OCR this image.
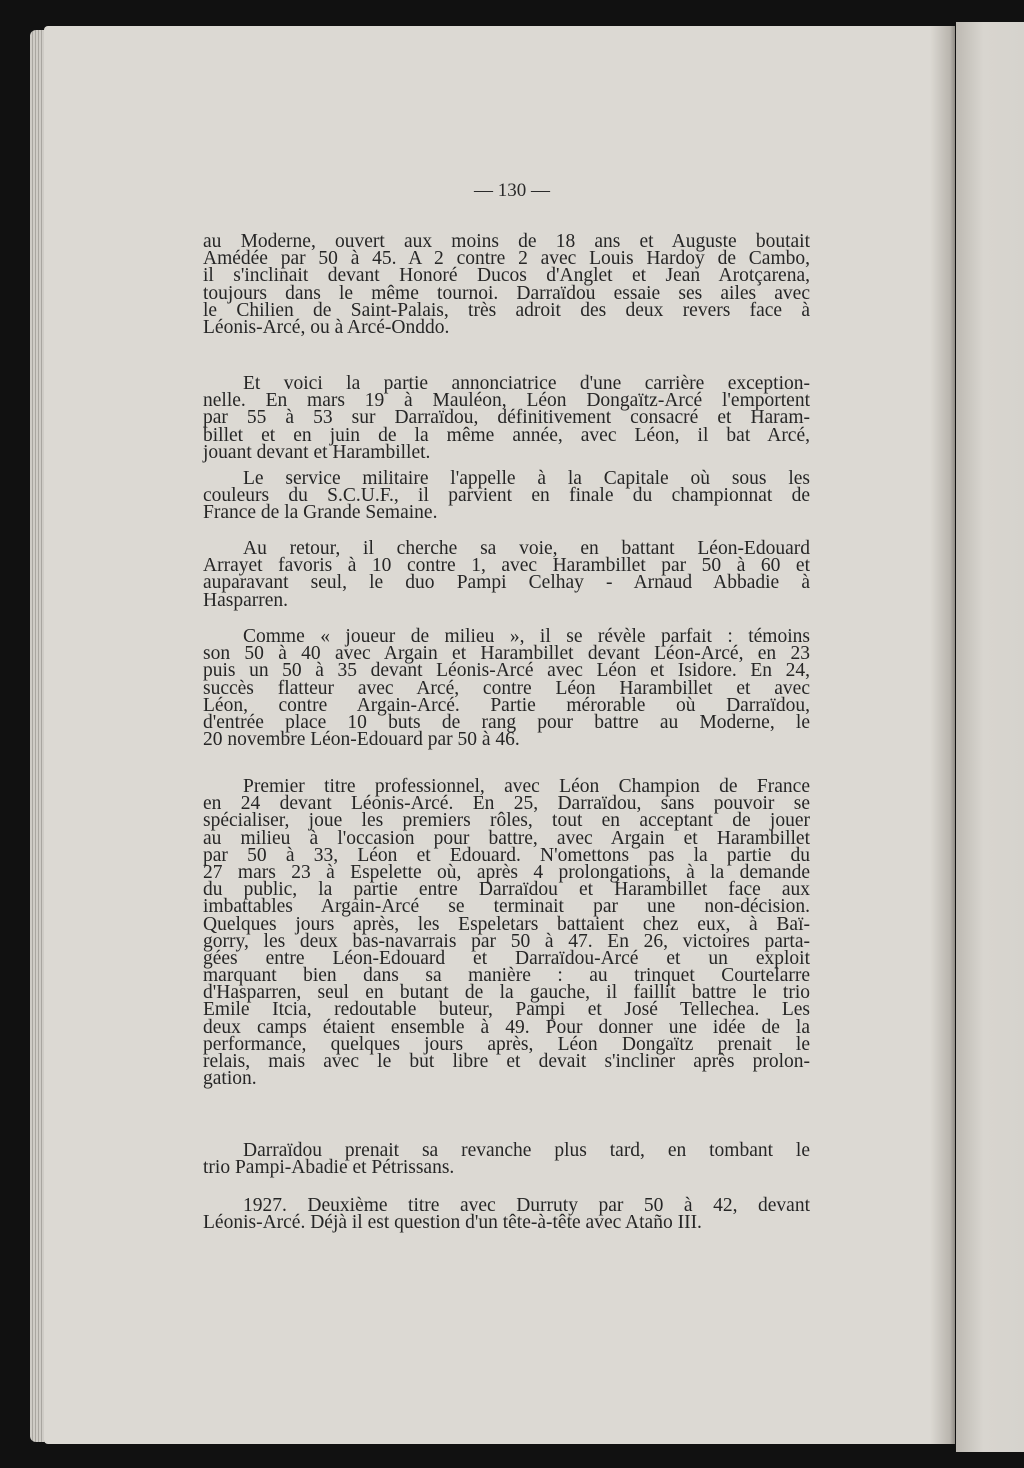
— 130 —
au Moderne, ouvert aux moins de 18 ans et Auguste boutait
Amédée par 50 à 45. A 2 contre 2 avec Louis Hardoy de Cambo,
il s'inclinait devant Honoré Ducos d'Anglet et Jean Arotçarena,
toujours dans le même tournoi. Darraïdou essaie ses ailes avec
le Chilien de Saint-Palais, très adroit des deux revers face à
Léonis-Arcé, ou à Arcé-Onddo.
Et voici la partie annonciatrice d'une carrière exception-
nelle. En mars 19 à Mauléon, Léon Dongaïtz-Arcé l'emportent
par 55 à 53 sur Darraïdou, définitivement consacré et Haram-
billet et en juin de la même année, avec Léon, il bat Arcé,
jouant devant et Harambillet.
Le service militaire l'appelle à la Capitale où sous les
couleurs du S.C.U.F., il parvient en finale du championnat de
France de la Grande Semaine.
Au retour, il cherche sa voie, en battant Léon-Edouard
Arrayet favoris à 10 contre 1, avec Harambillet par 50 à 60 et
auparavant seul, le duo Pampi Celhay - Arnaud Abbadie à
Hasparren.
Comme « joueur de milieu », il se révèle parfait : témoins
son 50 à 40 avec Argain et Harambillet devant Léon-Arcé, en 23
puis un 50 à 35 devant Léonis-Arcé avec Léon et Isidore. En 24,
succès flatteur avec Arcé, contre Léon Harambillet et avec
Léon, contre Argain-Arcé. Partie mérorable où Darraïdou,
d'entrée place 10 buts de rang pour battre au Moderne, le
20 novembre Léon-Edouard par 50 à 46.
Premier titre professionnel, avec Léon Champion de France
en 24 devant Léonis-Arcé. En 25, Darraïdou, sans pouvoir se
spécialiser, joue les premiers rôles, tout en acceptant de jouer
au milieu à l'occasion pour battre, avec Argain et Harambillet
par 50 à 33, Léon et Edouard. N'omettons pas la partie du
27 mars 23 à Espelette où, après 4 prolongations, à la demande
du public, la partie entre Darraïdou et Harambillet face aux
imbattables Argain-Arcé se terminait par une non-décision.
Quelques jours après, les Espeletars battaient chez eux, à Baï-
gorry, les deux bas-navarrais par 50 à 47. En 26, victoires parta-
gées entre Léon-Edouard et Darraïdou-Arcé et un exploit
marquant bien dans sa manière : au trinquet Courtelarre
d'Hasparren, seul en butant de la gauche, il faillit battre le trio
Emile Itcia, redoutable buteur, Pampi et José Tellechea. Les
deux camps étaient ensemble à 49. Pour donner une idée de la
performance, quelques jours après, Léon Dongaïtz prenait le
relais, mais avec le but libre et devait s'incliner après prolon-
gation.
Darraïdou prenait sa revanche plus tard, en tombant le
trio Pampi-Abadie et Pétrissans.
1927. Deuxième titre avec Durruty par 50 à 42, devant
Léonis-Arcé. Déjà il est question d'un tête-à-tête avec Ataño III.
